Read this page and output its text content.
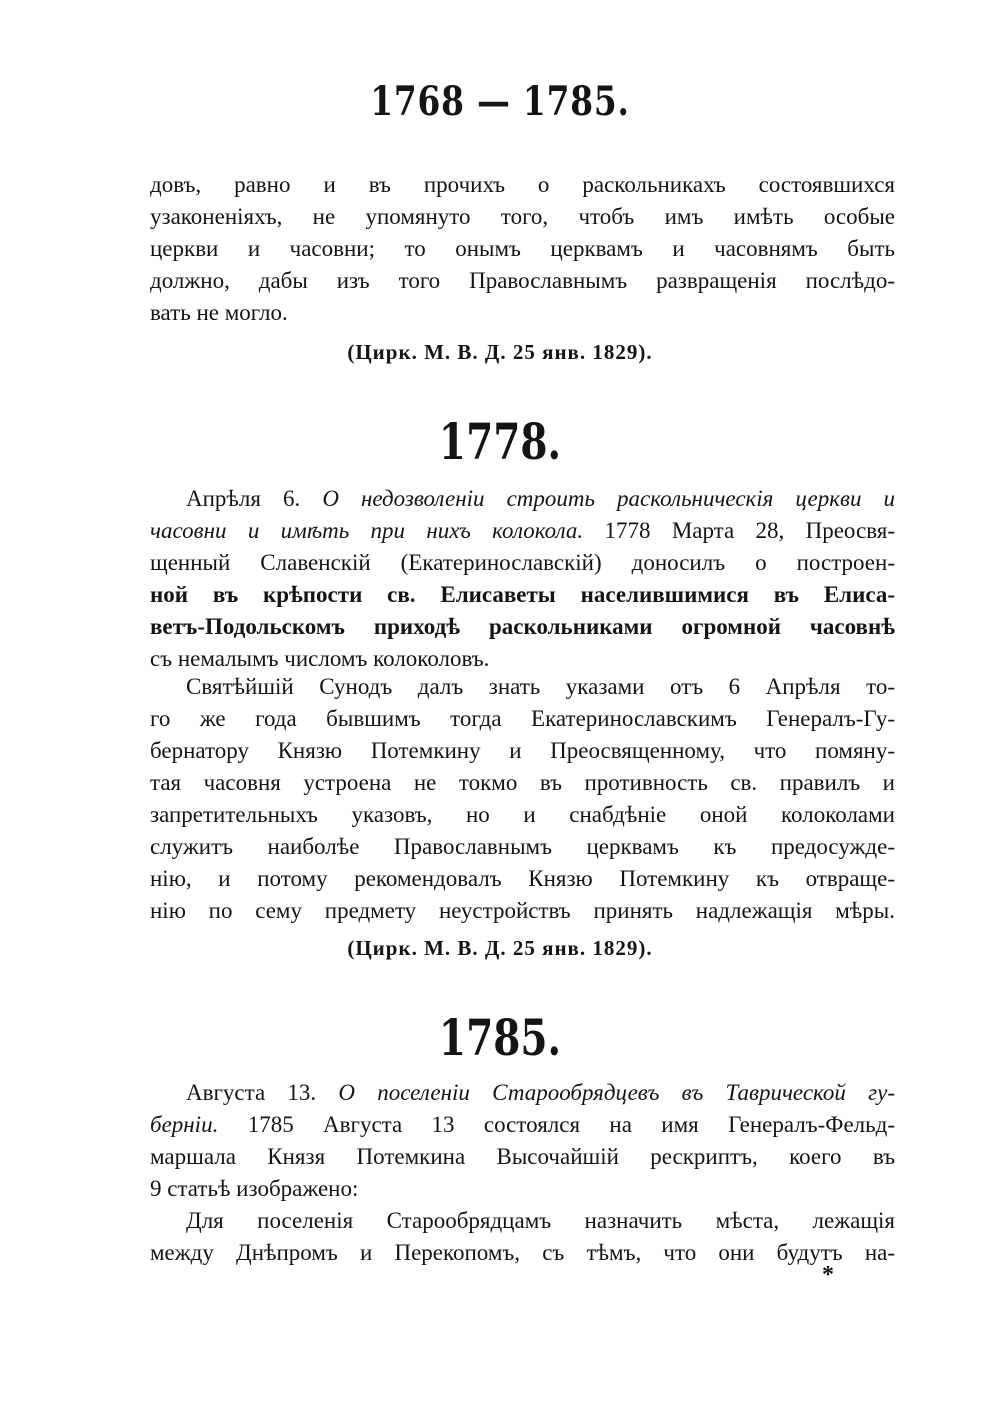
1768 — 1785.
довъ, равно и въ прочихъ о раскольникахъ состоявшихся
узаконеніяхъ, не упомянуто того, чтобъ имъ имѣть особые
церкви и часовни; то онымъ церквамъ и часовнямъ быть
должно, дабы изъ того Православнымъ развращенія послѣдо-
вать не могло.
(Цирк. М. В. Д. 25 янв. 1829).
1778.
Апрѣля 6. О недозволеніи строить раскольническія церкви и
часовни и имѣть при нихъ колокола. 1778 Марта 28, Преосвя-
щенный Славенскій (Екатеринославскій) доносилъ о построен-
ной въ крѣпости св. Елисаветы населившимися въ Елиса-
ветъ-Подольскомъ приходѣ раскольниками огромной часовнѣ
съ немалымъ числомъ колоколовъ.
Святѣйшій Сунодъ далъ знать указами отъ 6 Апрѣля то-
го же года бывшимъ тогда Екатеринославскимъ Генералъ-Гу-
бернатору Князю Потемкину и Преосвященному, что помяну-
тая часовня устроена не токмо въ противность св. правилъ и
запретительныхъ указовъ, но и снабдѣніе оной колоколами
служитъ наиболѣе Православнымъ церквамъ къ предосужде-
нію, и потому рекомендовалъ Князю Потемкину къ отвраще-
нію по сему предмету неустройствъ принять надлежащія мѣры.
(Цирк. М. В. Д. 25 янв. 1829).
1785.
Августа 13. О поселеніи Старообрядцевъ въ Таврической гу-
берніи. 1785 Августа 13 состоялся на имя Генералъ-Фельд-
маршала Князя Потемкина Высочайшій рескриптъ, коего въ
9 статьѣ изображено:
Для поселенія Старообрядцамъ назначить мѣста, лежащія
между Днѣпромъ и Перекопомъ, съ тѣмъ, что они будутъ на-
*
